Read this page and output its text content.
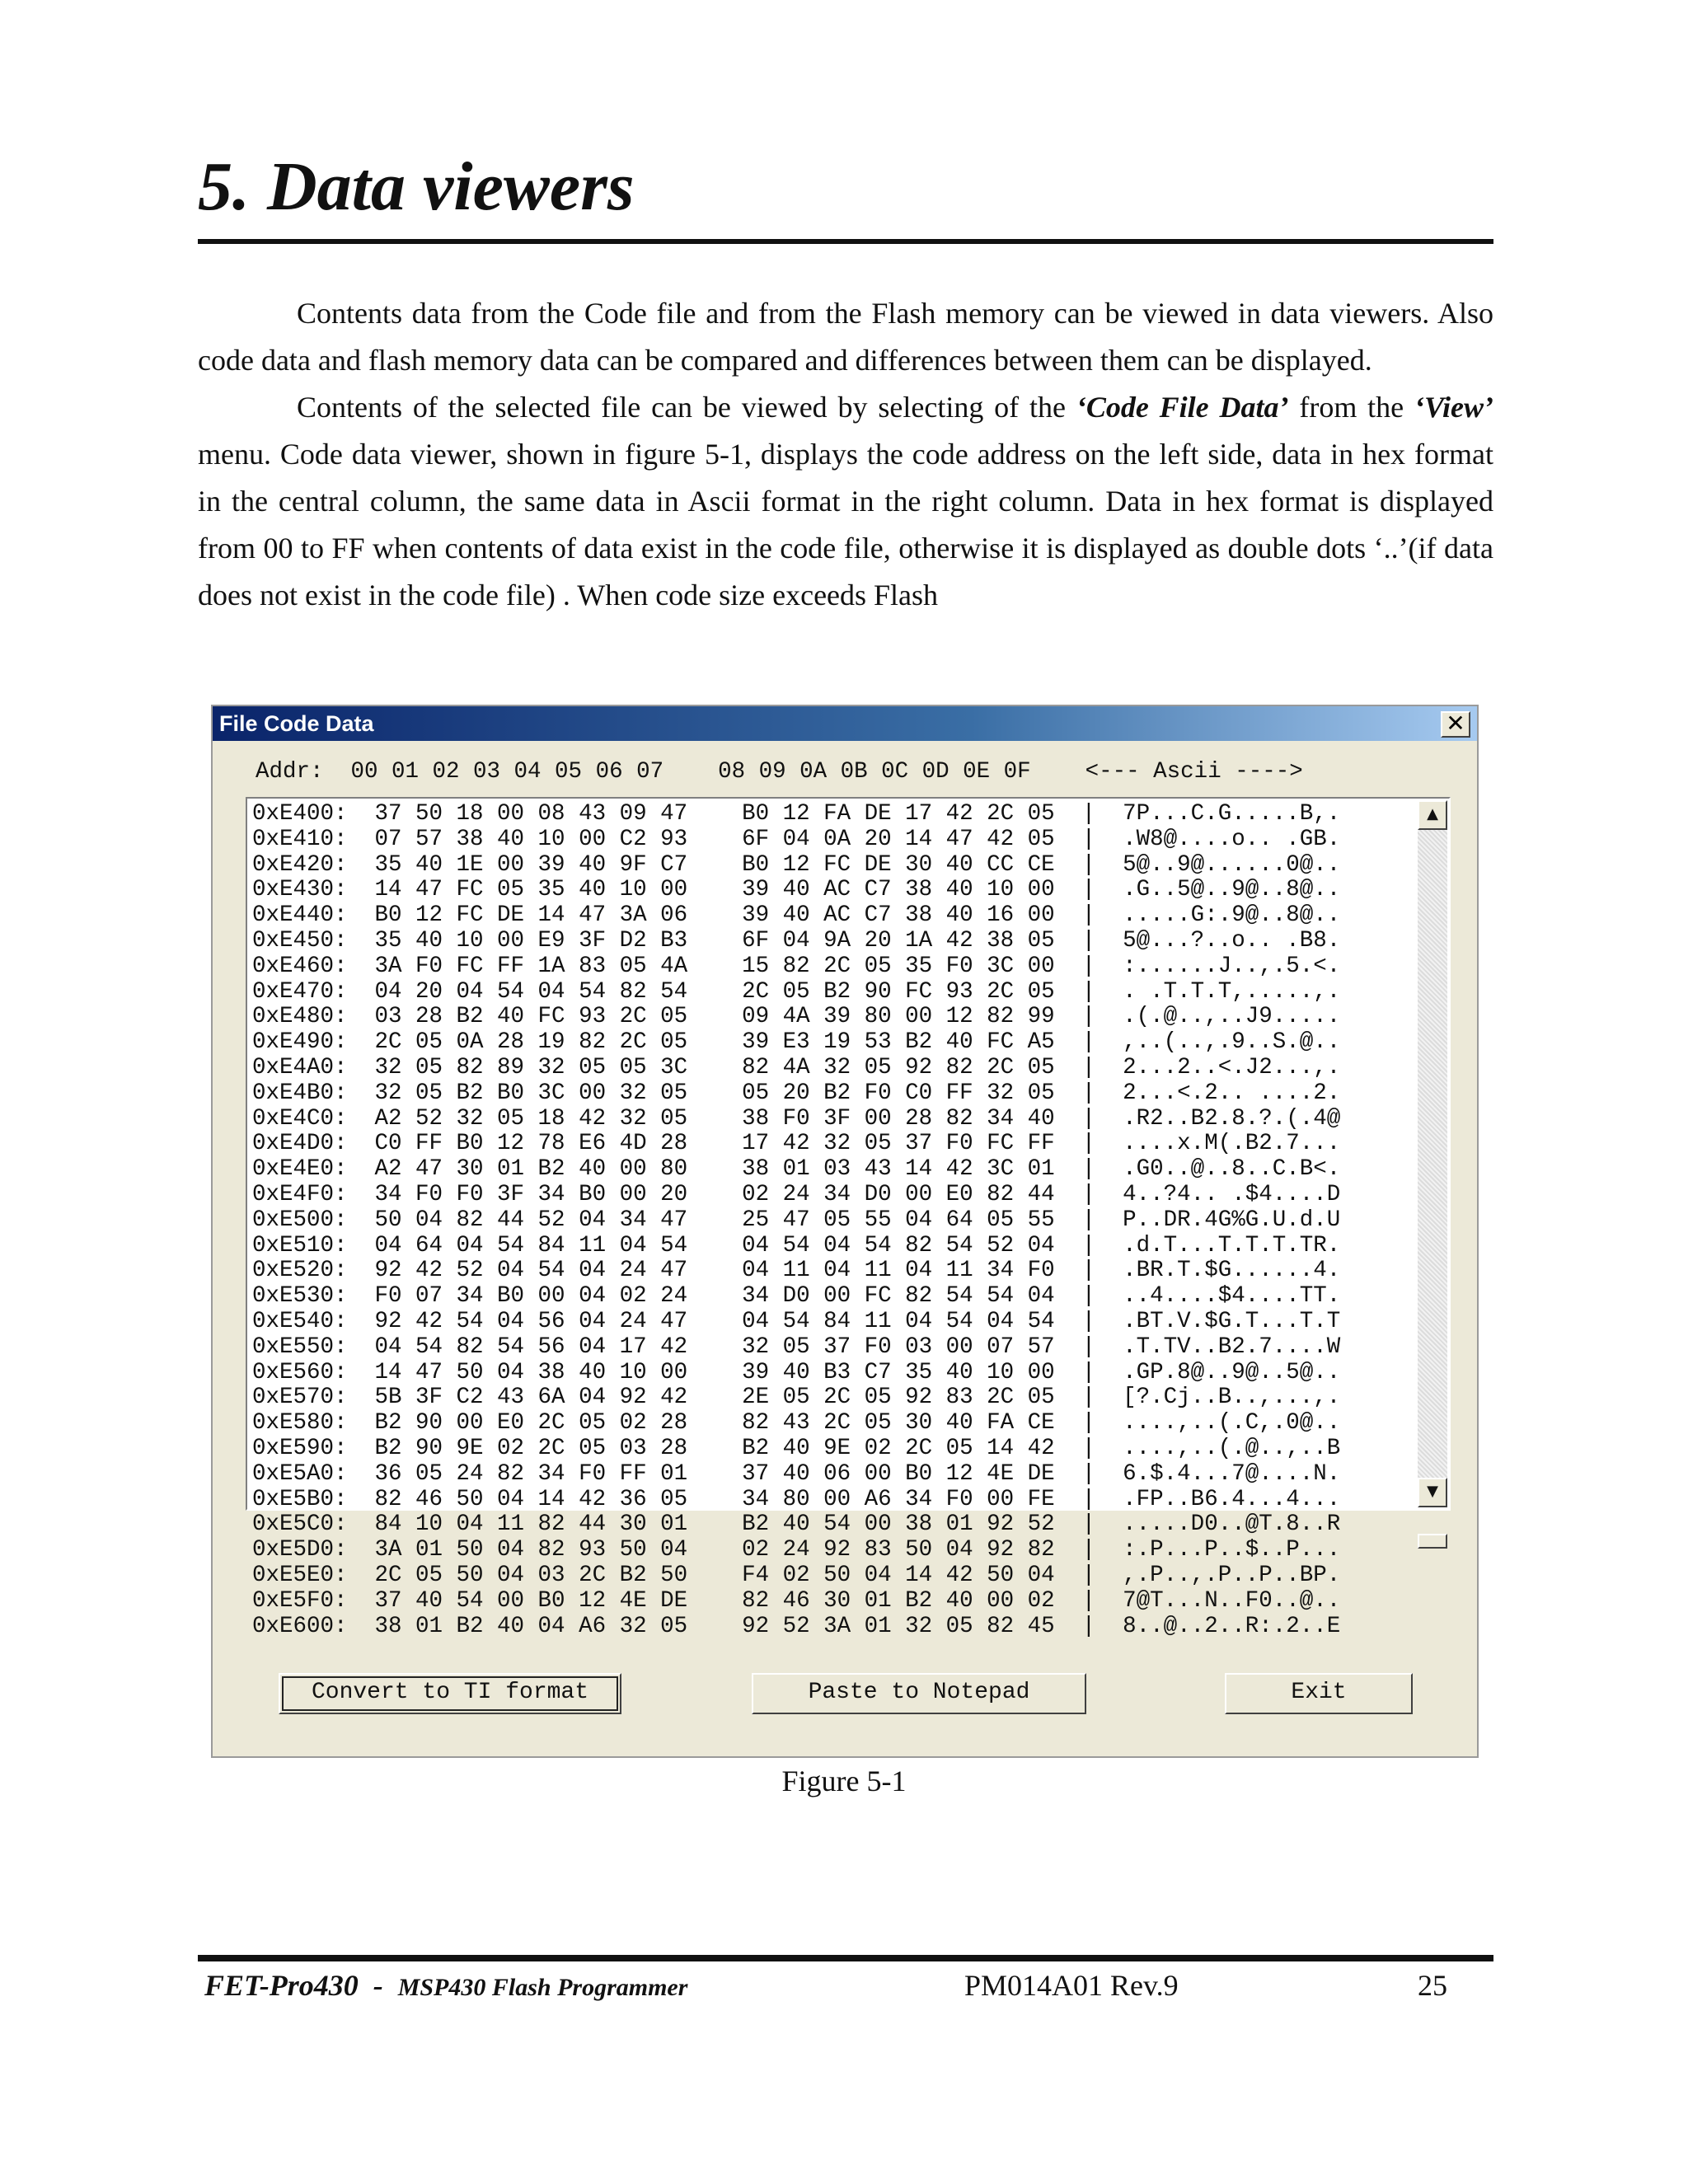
5. Data viewers

Contents data from the Code file and from the Flash memory can be viewed in data viewers. Also code data and flash memory data can be compared and differences between them can be displayed.

Contents of the selected file can be viewed by selecting of the ‘Code File Data’ from the ‘View’ menu. Code data viewer, shown in figure 5-1, displays the code address on the left side, data in hex format in the central column, the same data in Ascii format in the right column. Data in hex format is displayed from 00 to FF when contents of data exist in the code file, otherwise it is displayed as double dots ‘..’(if data does not exist in the code file) . When code size exceeds Flash

File Code Data	✕
Addr:  00 01 02 03 04 05 06 07    08 09 0A 0B 0C 0D 0E 0F    <--- Ascii ---->
0xE400:  37 50 18 00 08 43 09 47    B0 12 FA DE 17 42 2C 05  |  7P...C.G.....B,.
0xE410:  07 57 38 40 10 00 C2 93    6F 04 0A 20 14 47 42 05  |  .W8@....o.. .GB.
0xE420:  35 40 1E 00 39 40 9F C7    B0 12 FC DE 30 40 CC CE  |  5@..9@......0@..
0xE430:  14 47 FC 05 35 40 10 00    39 40 AC C7 38 40 10 00  |  .G..5@..9@..8@..
0xE440:  B0 12 FC DE 14 47 3A 06    39 40 AC C7 38 40 16 00  |  .....G:.9@..8@..
0xE450:  35 40 10 00 E9 3F D2 B3    6F 04 9A 20 1A 42 38 05  |  5@...?..o.. .B8.
0xE460:  3A F0 FC FF 1A 83 05 4A    15 82 2C 05 35 F0 3C 00  |  :......J..,.5.<.
0xE470:  04 20 04 54 04 54 82 54    2C 05 B2 90 FC 93 2C 05  |  . .T.T.T,.....,.
0xE480:  03 28 B2 40 FC 93 2C 05    09 4A 39 80 00 12 82 99  |  .(.@..,..J9.....
0xE490:  2C 05 0A 28 19 82 2C 05    39 E3 19 53 B2 40 FC A5  |  ,..(..,.9..S.@..
0xE4A0:  32 05 82 89 32 05 05 3C    82 4A 32 05 92 82 2C 05  |  2...2..<.J2...,.
0xE4B0:  32 05 B2 B0 3C 00 32 05    05 20 B2 F0 C0 FF 32 05  |  2...<.2.. ....2.
0xE4C0:  A2 52 32 05 18 42 32 05    38 F0 3F 00 28 82 34 40  |  .R2..B2.8.?.(.4@
0xE4D0:  C0 FF B0 12 78 E6 4D 28    17 42 32 05 37 F0 FC FF  |  ....x.M(.B2.7...
0xE4E0:  A2 47 30 01 B2 40 00 80    38 01 03 43 14 42 3C 01  |  .G0..@..8..C.B<.
0xE4F0:  34 F0 F0 3F 34 B0 00 20    02 24 34 D0 00 E0 82 44  |  4..?4.. .$4....D
0xE500:  50 04 82 44 52 04 34 47    25 47 05 55 04 64 05 55  |  P..DR.4G%G.U.d.U
0xE510:  04 64 04 54 84 11 04 54    04 54 04 54 82 54 52 04  |  .d.T...T.T.T.TR.
0xE520:  92 42 52 04 54 04 24 47    04 11 04 11 04 11 34 F0  |  .BR.T.$G......4.
0xE530:  F0 07 34 B0 00 04 02 24    34 D0 00 FC 82 54 54 04  |  ..4....$4....TT.
0xE540:  92 42 54 04 56 04 24 47    04 54 84 11 04 54 04 54  |  .BT.V.$G.T...T.T
0xE550:  04 54 82 54 56 04 17 42    32 05 37 F0 03 00 07 57  |  .T.TV..B2.7....W
0xE560:  14 47 50 04 38 40 10 00    39 40 B3 C7 35 40 10 00  |  .GP.8@..9@..5@..
0xE570:  5B 3F C2 43 6A 04 92 42    2E 05 2C 05 92 83 2C 05  |  [?.Cj..B..,...,.
0xE580:  B2 90 00 E0 2C 05 02 28    82 43 2C 05 30 40 FA CE  |  ....,..(.C,.0@..
0xE590:  B2 90 9E 02 2C 05 03 28    B2 40 9E 02 2C 05 14 42  |  ....,..(.@..,..B
0xE5A0:  36 05 24 82 34 F0 FF 01    37 40 06 00 B0 12 4E DE  |  6.$.4...7@....N.
0xE5B0:  82 46 50 04 14 42 36 05    34 80 00 A6 34 F0 00 FE  |  .FP..B6.4...4...
0xE5C0:  84 10 04 11 82 44 30 01    B2 40 54 00 38 01 92 52  |  .....D0..@T.8..R
0xE5D0:  3A 01 50 04 82 93 50 04    02 24 92 83 50 04 92 82  |  :.P...P..$..P...
0xE5E0:  2C 05 50 04 03 2C B2 50    F4 02 50 04 14 42 50 04  |  ,.P..,.P..P..BP.
0xE5F0:  37 40 54 00 B0 12 4E DE    82 46 30 01 B2 40 00 02  |  7@T...N..F0..@..
0xE600:  38 01 B2 40 04 A6 32 05    92 52 3A 01 32 05 82 45  |  8..@..2..R:.2..E
▲
▼
Convert to TI format	Paste to Notepad	Exit
Figure 5-1
FET-Pro430  -  MSP430 Flash Programmer	PM014A01 Rev.9	25
